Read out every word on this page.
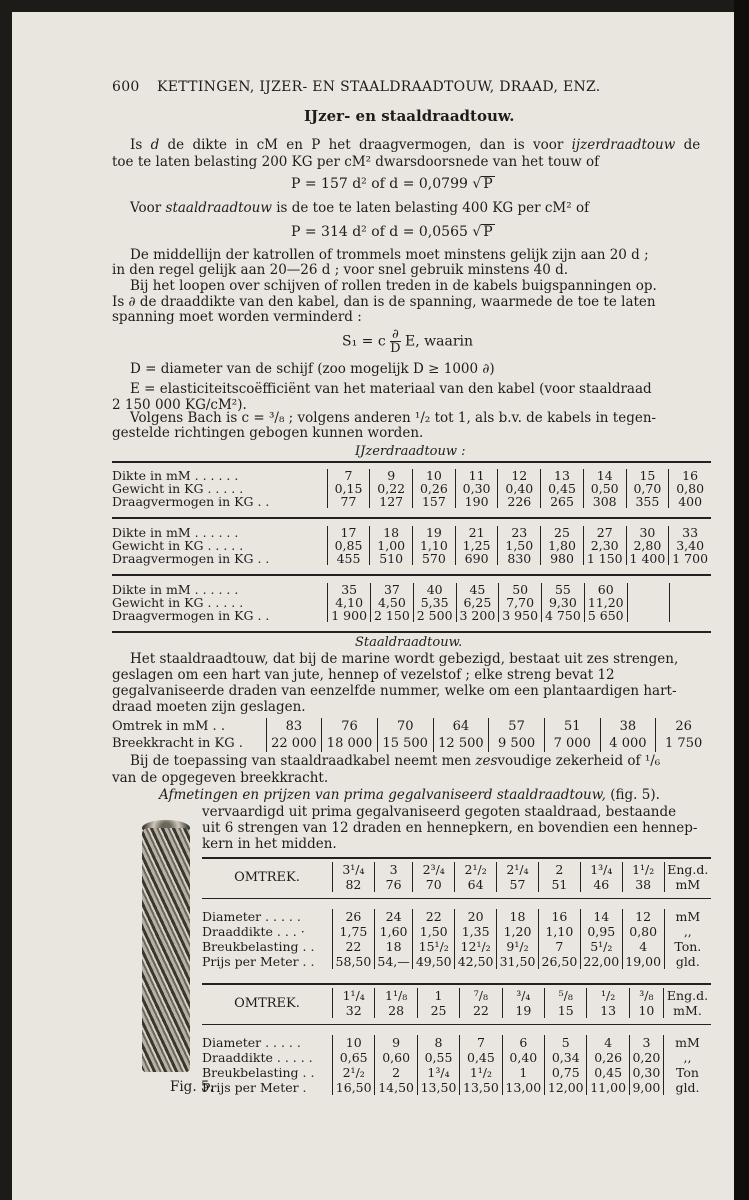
600 KETTINGEN, IJZER- EN STAALDRAADTOUW, DRAAD, ENZ.
IJzer- en staaldraadtouw.
Is d de dikte in cM en P het draagvermogen, dan is voor ijzerdraadtouw de
toe te laten belasting 200 KG per cM² dwarsdoorsnede van het touw of
P = 157 d² of d = 0,0799 √ P
Voor staaldraadtouw is de toe te laten belasting 400 KG per cM² of
P = 314 d² of d = 0,0565 √ P
De middellijn der katrollen of trommels moet minstens gelijk zijn aan 20 d ;
in den regel gelijk aan 20—26 d ; voor snel gebruik minstens 40 d.
Bij het loopen over schijven of rollen treden in de kabels buigspanningen op.
Is ∂ de draaddikte van den kabel, dan is de spanning, waarmede de toe te laten
spanning moet worden verminderd :
S₁ = c $\frac{\partial}{D} E$, waarin
D = diameter van de schijf (zoo mogelijk D ≥ 1000 ∂)
E = elasticiteitscoëfficiënt van het materiaal van den kabel (voor staaldraad
2 150 000 KG/cM²).
Volgens Bach is c = ³/₈ ; volgens anderen ¹/₂ tot 1, als b.v. de kabels in tegen-
gestelde richtingen gebogen kunnen worden.
IJzerdraadtouw :
Dikte in mM . . . . . .	7	9	10	11	12	13	14	15	16
Gewicht in KG . . . . .	0,15	0,22	0,26	0,30	0,40	0,45	0,50	0,70	0,80
Draagvermogen in KG . .	77	127	157	190	226	265	308	355	400
Dikte in mM . . . . . .	17	18	19	21	23	25	27	30	33
Gewicht in KG . . . . .	0,85	1,00	1,10	1,25	1,50	1,80	2,30	2,80	3,40
Draagvermogen in KG . .	455	510	570	690	830	980	1 150	1 400	1 700
Dikte in mM . . . . . .	35	37	40	45	50	55	60		
Gewicht in KG . . . . .	4,10	4,50	5,35	6,25	7,70	9,30	11,20		
Draagvermogen in KG . .	1 900	2 150	2 500	3 200	3 950	4 750	5 650		
Staaldraadtouw.
Het staaldraadtouw, dat bij de marine wordt gebezigd, bestaat uit zes strengen,
geslagen om een hart van jute, hennep of vezelstof ; elke streng bevat 12
gegalvaniseerde draden van eenzelfde nummer, welke om een plantaardigen hart-
draad moeten zijn geslagen.
Omtrek in mM . .	83	76	70	64	57	51	38	26
Breekkracht in KG .	22 000	18 000	15 500	12 500	9 500	7 000	4 000	1 750
Bij de toepassing van staaldraadkabel neemt men zesvoudige zekerheid of ¹/₆
van de opgegeven breekkracht.
Afmetingen en prijzen van prima gegalvaniseerd staaldraadtouw, (fig. 5).
vervaardigd uit prima gegalvaniseerd gegoten staaldraad, bestaande
uit 6 strengen van 12 draden en hennepkern, en bovendien een hennep-
kern in het midden.
Fig. 5.
OMTREK.	3¹/₄	3	2³/₄	2¹/₂	2¹/₄	2	1³/₄	1¹/₂	Eng.d.
	82	76	70	64	57	51	46	38	mM

Diameter . . . . .	26	24	22	20	18	16	14	12	mM
Draaddikte . . . ·	1,75	1,60	1,50	1,35	1,20	1,10	0,95	0,80	,,
Breukbelasting . .	22	18	15¹/₂	12¹/₂	9¹/₂	7	5¹/₂	4	Ton.
Prijs per Meter . .	58,50	54,—	49,50	42,50	31,50	26,50	22,00	19,00	gld.
OMTREK.	1¹/₄	1¹/₈	1	⁷/₈	³/₄	⁵/₈	¹/₂	³/₈	Eng.d.
	32	28	25	22	19	15	13	10	mM.

Diameter . . . . .	10	9	8	7	6	5	4	3	mM
Draaddikte . . . . .	0,65	0,60	0,55	0,45	0,40	0,34	0,26	0,20	,,
Breukbelasting . .	2¹/₂	2	1³/₄	1¹/₂	1	0,75	0,45	0,30	Ton
Prijs per Meter .	16,50	14,50	13,50	13,50	13,00	12,00	11,00	9,00	gld.
